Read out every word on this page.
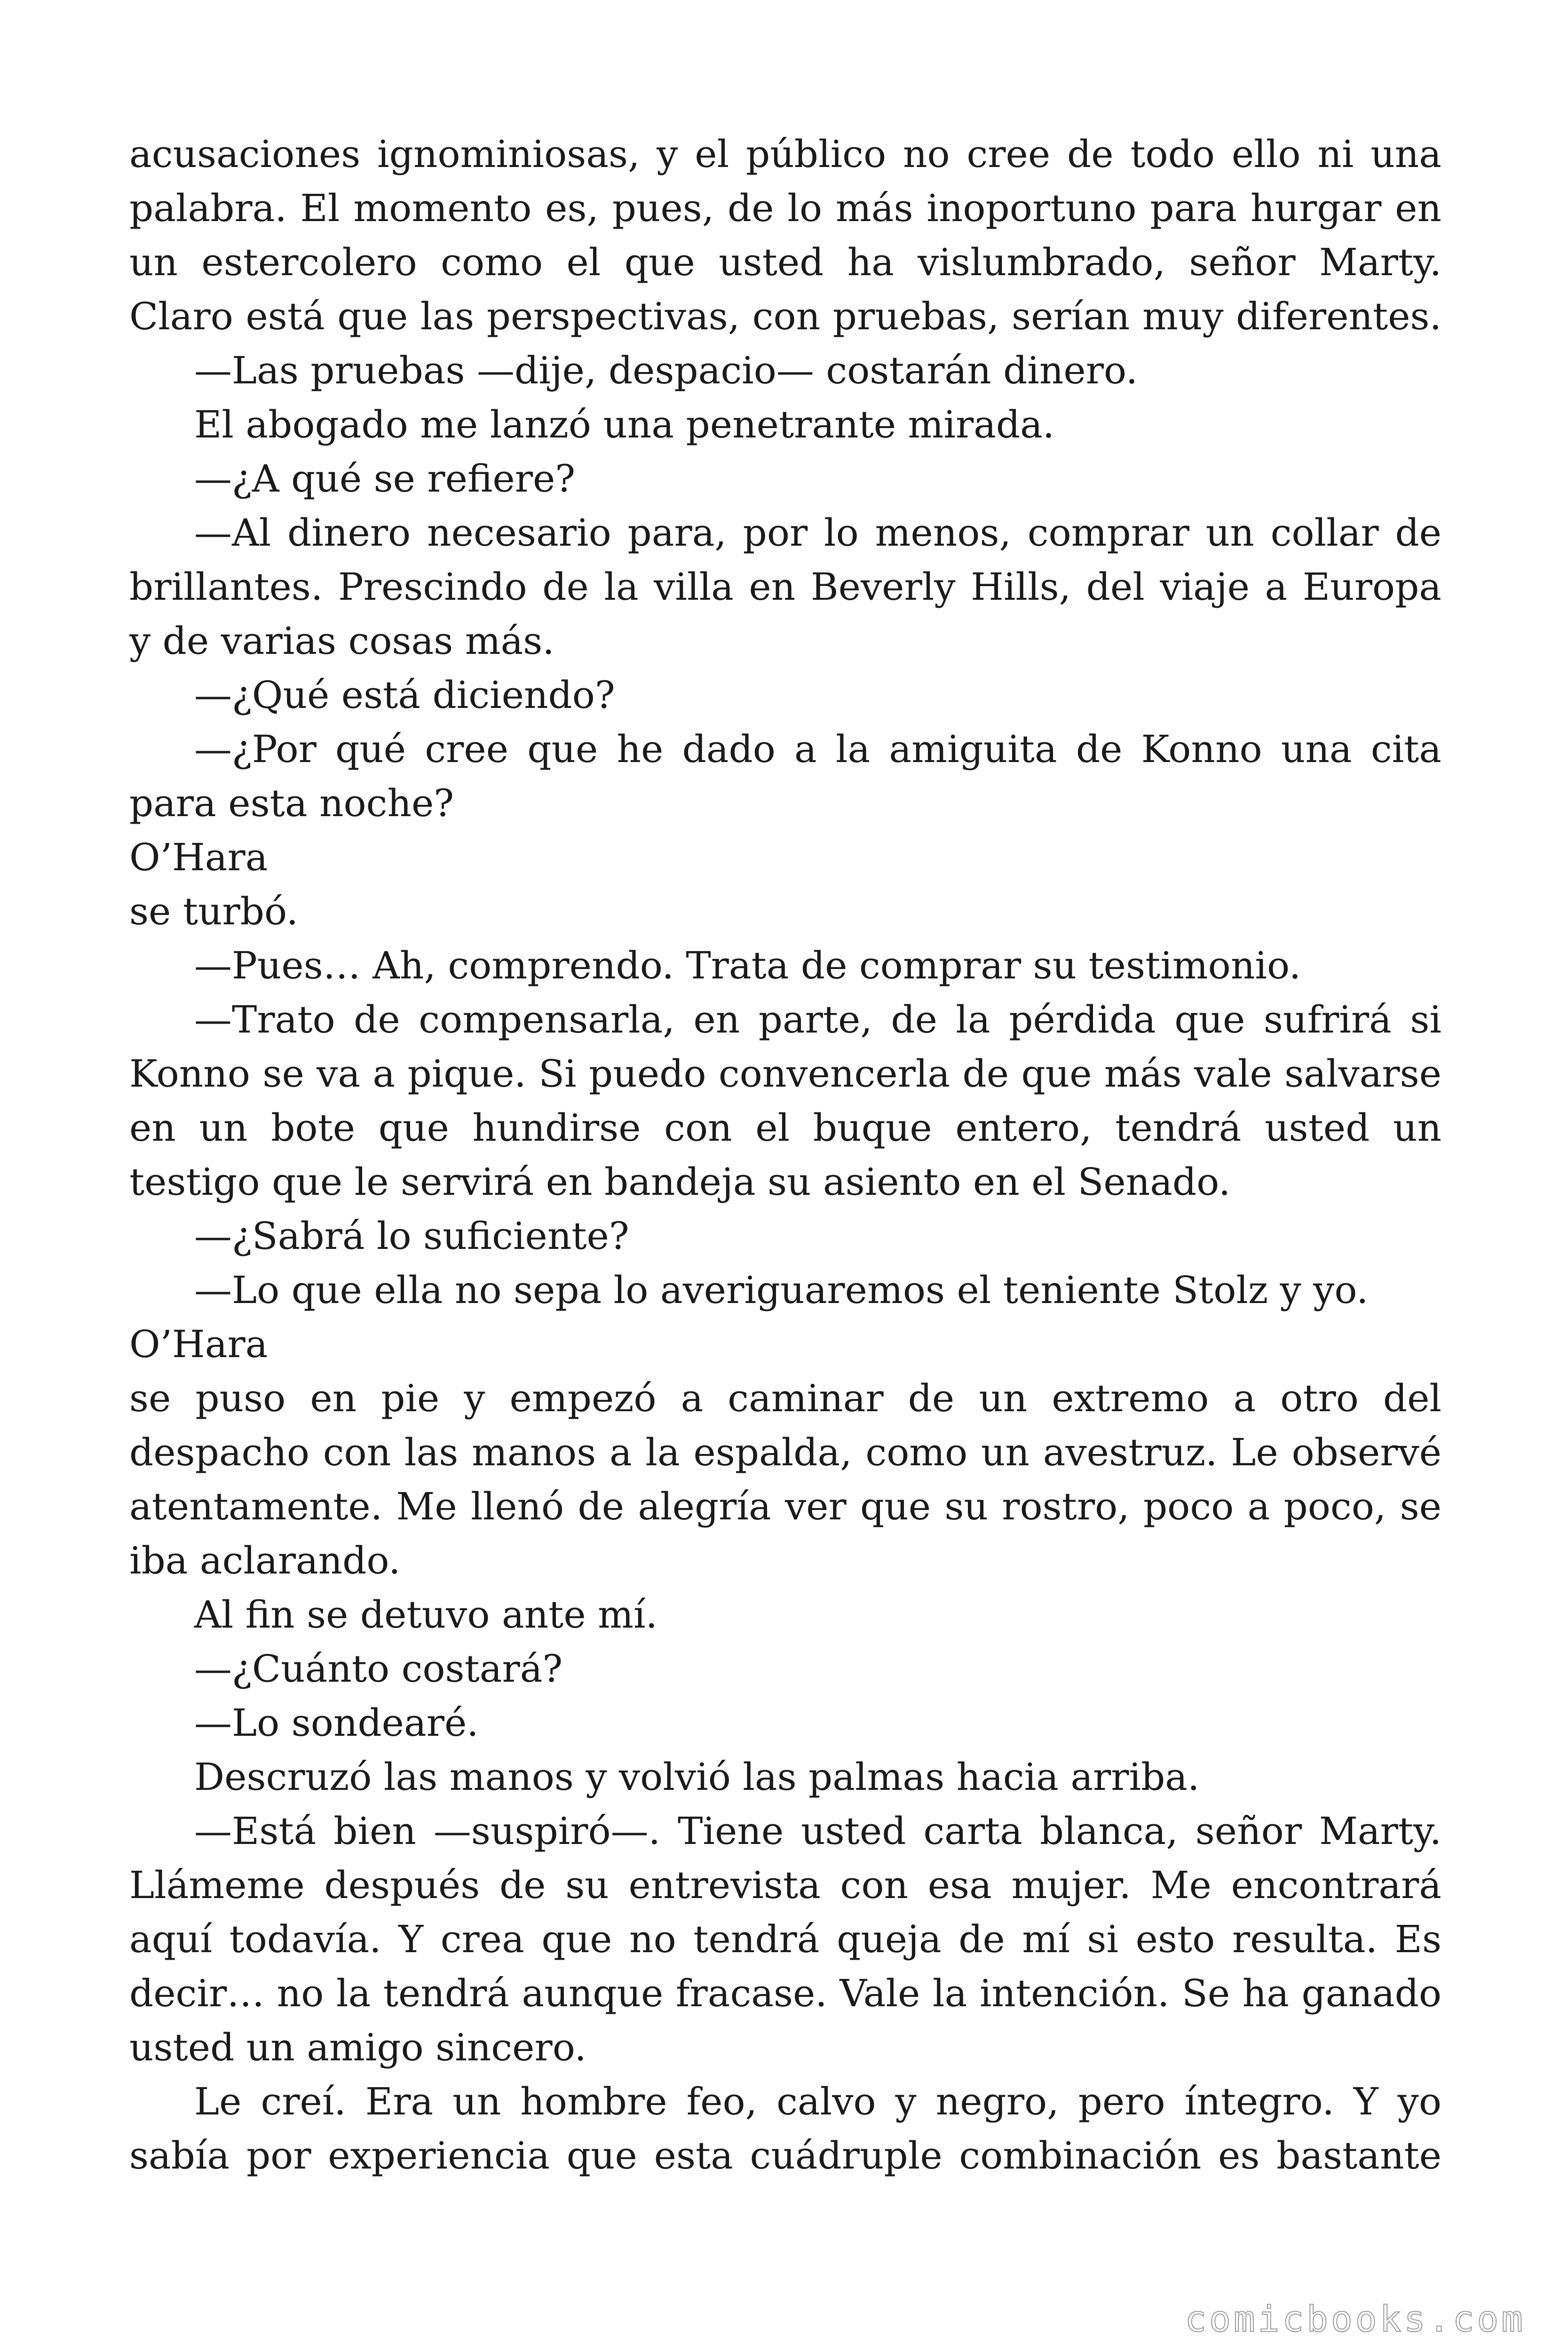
acusaciones ignominiosas, y el público no cree de todo ello ni una
palabra. El momento es, pues, de lo más inoportuno para hurgar en
un estercolero como el que usted ha vislumbrado, señor Marty.
Claro está que las perspectivas, con pruebas, serían muy diferentes.
—Las pruebas —dije, despacio— costarán dinero.
El abogado me lanzó una penetrante mirada.
—¿A qué se refiere?
—Al dinero necesario para, por lo menos, comprar un collar de
brillantes. Prescindo de la villa en Beverly Hills, del viaje a Europa
y de varias cosas más.
—¿Qué está diciendo?
—¿Por qué cree que he dado a la amiguita de Konno una cita
para esta noche?
O’Hara
se turbó.
—Pues… Ah, comprendo. Trata de comprar su testimonio.
—Trato de compensarla, en parte, de la pérdida que sufrirá si
Konno se va a pique. Si puedo convencerla de que más vale salvarse
en un bote que hundirse con el buque entero, tendrá usted un
testigo que le servirá en bandeja su asiento en el Senado.
—¿Sabrá lo suficiente?
—Lo que ella no sepa lo averiguaremos el teniente Stolz y yo.
O’Hara
se puso en pie y empezó a caminar de un extremo a otro del
despacho con las manos a la espalda, como un avestruz. Le observé
atentamente. Me llenó de alegría ver que su rostro, poco a poco, se
iba aclarando.
Al fin se detuvo ante mí.
—¿Cuánto costará?
—Lo sondearé.
Descruzó las manos y volvió las palmas hacia arriba.
—Está bien —suspiró—. Tiene usted carta blanca, señor Marty.
Llámeme después de su entrevista con esa mujer. Me encontrará
aquí todavía. Y crea que no tendrá queja de mí si esto resulta. Es
decir… no la tendrá aunque fracase. Vale la intención. Se ha ganado
usted un amigo sincero.
Le creí. Era un hombre feo, calvo y negro, pero íntegro. Y yo
sabía por experiencia que esta cuádruple combinación es bastante
comicbooks.com
